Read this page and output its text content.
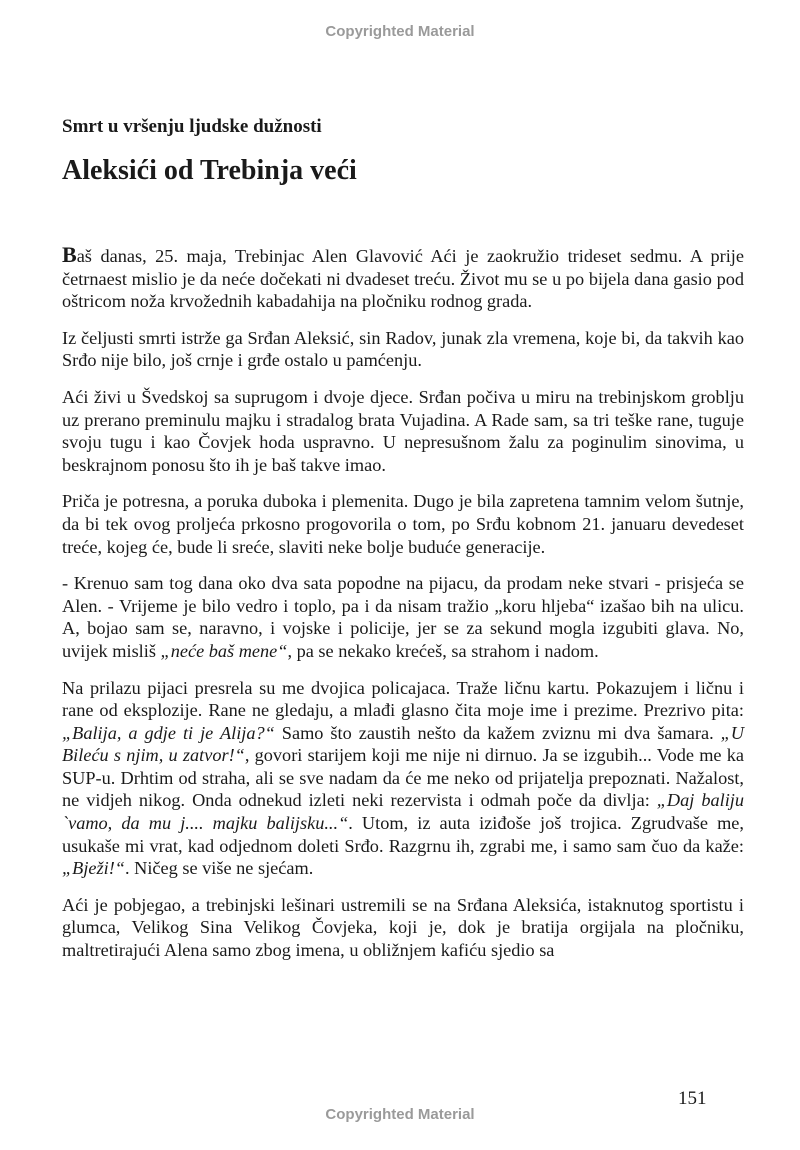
Copyrighted Material
Smrt u vršenju ljudske dužnosti
Aleksići od Trebinja veći

Baš danas, 25. maja, Trebinjac Alen Glavović Aći je zaokružio trideset sedmu. A prije četrnaest mislio je da neće dočekati ni dvadeset treću. Život mu se u po bijela dana gasio pod oštricom noža krvožednih kabadahija na pločniku rodnog grada.

Iz čeljusti smrti istrže ga Srđan Aleksić, sin Radov, junak zla vremena, koje bi, da takvih kao Srđo nije bilo, još crnje i grđe ostalo u pamćenju.

Aći živi u Švedskoj sa suprugom i dvoje djece. Srđan počiva u miru na trebinjskom groblju uz prerano preminulu majku i stradalog brata Vujadina. A Rade sam, sa tri teške rane, tuguje svoju tugu i kao Čovjek hoda uspravno. U nepresušnom žalu za poginulim sinovima, u beskrajnom ponosu što ih je baš takve imao.

Priča je potresna, a poruka duboka i plemenita. Dugo je bila zapretena tamnim velom šutnje, da bi tek ovog proljeća prkosno progovorila o tom, po Srđu kobnom 21. januaru devedeset treće, kojeg će, bude li sreće, slaviti neke bolje buduće generacije.

- Krenuo sam tog dana oko dva sata popodne na pijacu, da prodam neke stvari - prisjeća se Alen. - Vrijeme je bilo vedro i toplo, pa i da nisam tražio „koru hljeba“ izašao bih na ulicu. A, bojao sam se, naravno, i vojske i policije, jer se za sekund mogla izgubiti glava. No, uvijek misliš „neće baš mene“, pa se nekako krećeš, sa strahom i nadom.

Na prilazu pijaci presrela su me dvojica policajaca. Traže ličnu kartu. Pokazujem i ličnu i rane od eksplozije. Rane ne gledaju, a mlađi glasno čita moje ime i prezime. Prezrivo pita: „Balija, a gdje ti je Alija?“ Samo što zaustih nešto da kažem zviznu mi dva šamara. „U Bileću s njim, u zatvor!“, govori starijem koji me nije ni dirnuo. Ja se izgubih... Vode me ka SUP-u. Drhtim od straha, ali se sve nadam da će me neko od prijatelja prepoznati. Nažalost, ne vidjeh nikog. Onda odnekud izleti neki rezervista i odmah poče da divlja: „Daj baliju `vamo, da mu j.... majku balijsku...“. Utom, iz auta iziđoše još trojica. Zgrudvaše me, usukaše mi vrat, kad odjednom doleti Srđo. Razgrnu ih, zgrabi me, i samo sam čuo da kaže: „Bježi!“. Ničeg se više ne sjećam.

Aći je pobjegao, a trebinjski lešinari ustremili se na Srđana Aleksića, istaknutog sportistu i glumca, Velikog Sina Velikog Čovjeka, koji je, dok je bratija orgijala na pločniku, maltretirajući Alena samo zbog imena, u obližnjem kafiću sjedio sa

151
Copyrighted Material
